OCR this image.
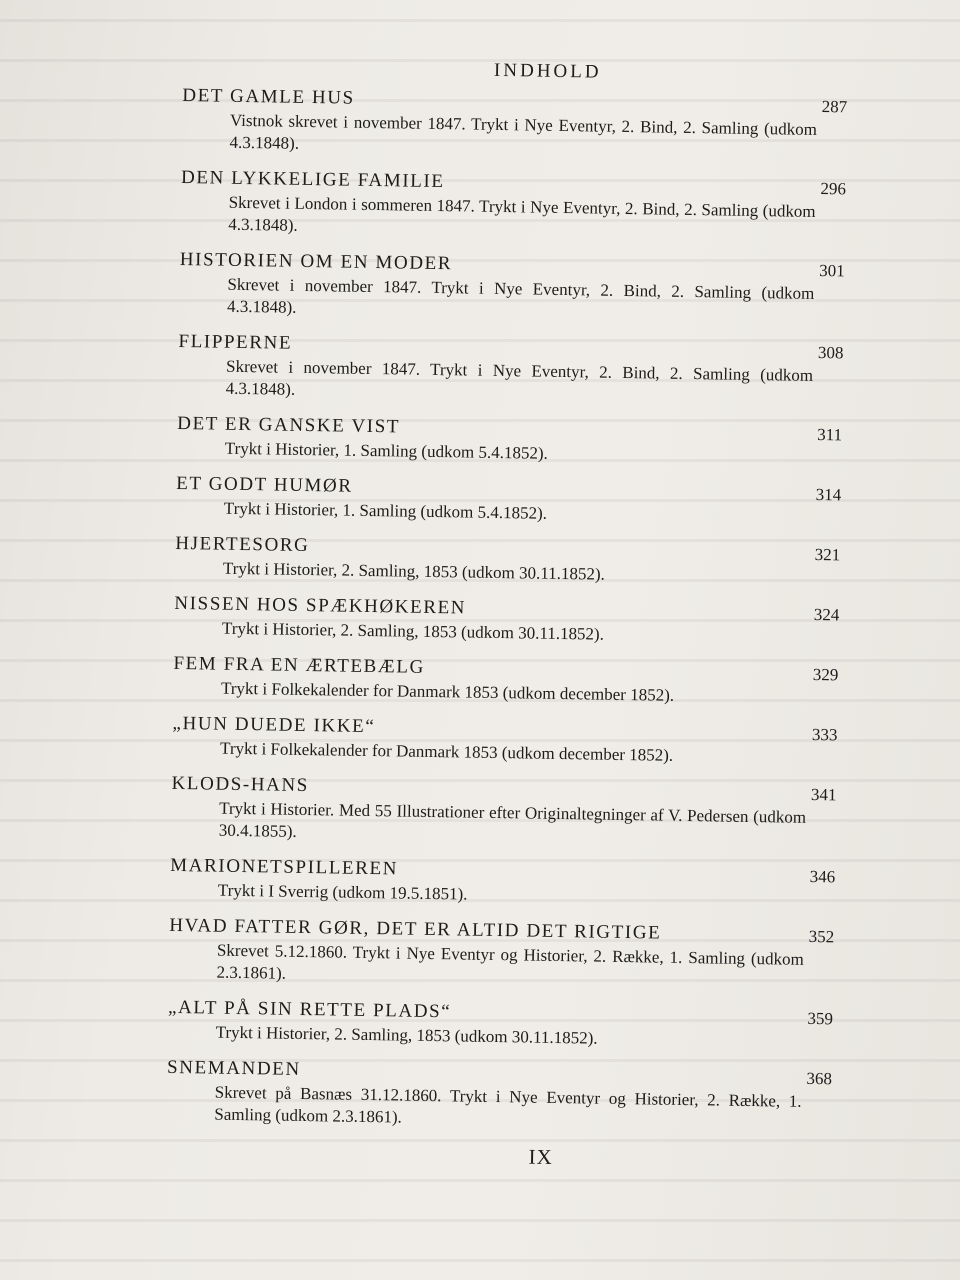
INDHOLD
DET GAMLE HUS
Vistnok skrevet i november 1847. Trykt i Nye Eventyr, 2. Bind, 2. Samling (udkom 4.3.1848).
287
DEN LYKKELIGE FAMILIE
Skrevet i London i sommeren 1847. Trykt i Nye Eventyr, 2. Bind, 2. Samling (udkom 4.3.1848).
296
HISTORIEN OM EN MODER
Skrevet i november 1847. Trykt i Nye Eventyr, 2. Bind, 2. Samling (udkom 4.3.1848).
301
FLIPPERNE
Skrevet i november 1847. Trykt i Nye Eventyr, 2. Bind, 2. Samling (udkom 4.3.1848).
308
DET ER GANSKE VIST
Trykt i Historier, 1. Samling (udkom 5.4.1852).
311
ET GODT HUMØR
Trykt i Historier, 1. Samling (udkom 5.4.1852).
314
HJERTESORG
Trykt i Historier, 2. Samling, 1853 (udkom 30.11.1852).
321
NISSEN HOS SPÆKHØKEREN
Trykt i Historier, 2. Samling, 1853 (udkom 30.11.1852).
324
FEM FRA EN ÆRTEBÆLG
Trykt i Folkekalender for Danmark 1853 (udkom december 1852).
329
„HUN DUEDE IKKE“
Trykt i Folkekalender for Danmark 1853 (udkom december 1852).
333
KLODS-HANS
Trykt i Historier. Med 55 Illustrationer efter Originaltegninger af V. Pedersen (udkom 30.4.1855).
341
MARIONETSPILLEREN
Trykt i I Sverrig (udkom 19.5.1851).
346
HVAD FATTER GØR, DET ER ALTID DET RIGTIGE
Skrevet 5.12.1860. Trykt i Nye Eventyr og Historier, 2. Række, 1. Samling (udkom 2.3.1861).
352
„ALT PÅ SIN RETTE PLADS“
Trykt i Historier, 2. Samling, 1853 (udkom 30.11.1852).
359
SNEMANDEN
Skrevet på Basnæs 31.12.1860. Trykt i Nye Eventyr og Historier, 2. Række, 1. Samling (udkom 2.3.1861).
368
IX
